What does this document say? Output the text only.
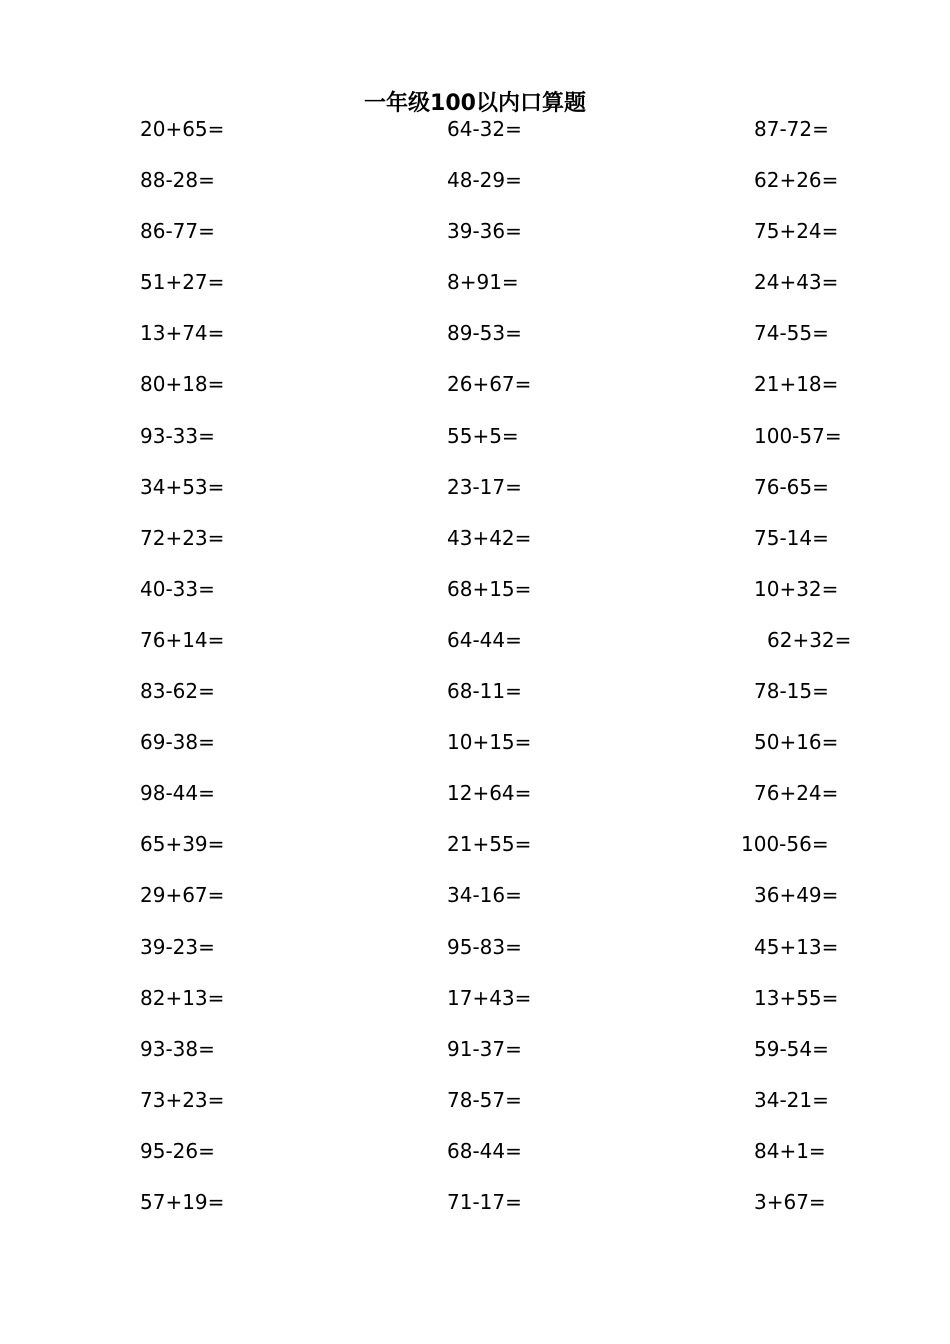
一年级100以内口算题
20+65=	64-32=	87-72=
88-28=	48-29=	62+26=
86-77=	39-36=	75+24=
51+27=	8+91=	24+43=
13+74=	89-53=	74-55=
80+18=	26+67=	21+18=
93-33=	55+5=	100-57=
34+53=	23-17=	76-65=
72+23=	43+42=	75-14=
40-33=	68+15=	10+32=
76+14=	64-44=	62+32=
83-62=	68-11=	78-15=
69-38=	10+15=	50+16=
98-44=	12+64=	76+24=
65+39=	21+55=	100-56=
29+67=	34-16=	36+49=
39-23=	95-83=	45+13=
82+13=	17+43=	13+55=
93-38=	91-37=	59-54=
73+23=	78-57=	34-21=
95-26=	68-44=	84+1=
57+19=	71-17=	3+67=
